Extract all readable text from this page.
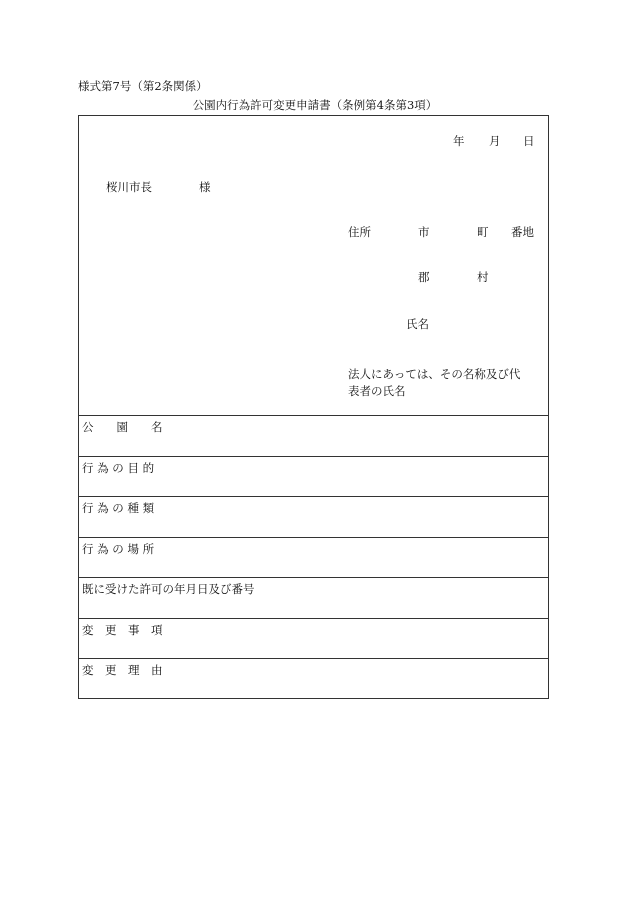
様式第7号（第2条関係）
公園内行為許可変更申請書（条例第4条第3項）
年 月 日
桜川市長	様
住所	市	町 番地
郡	村
氏名
法人にあっては、その名称及び代表者の氏名
公　　園　　名
行 為 の 目 的
行 為 の 種 類
行 為 の 場 所
既に受けた許可の年月日及び番号
変　更　事　項
変　更　理　由
